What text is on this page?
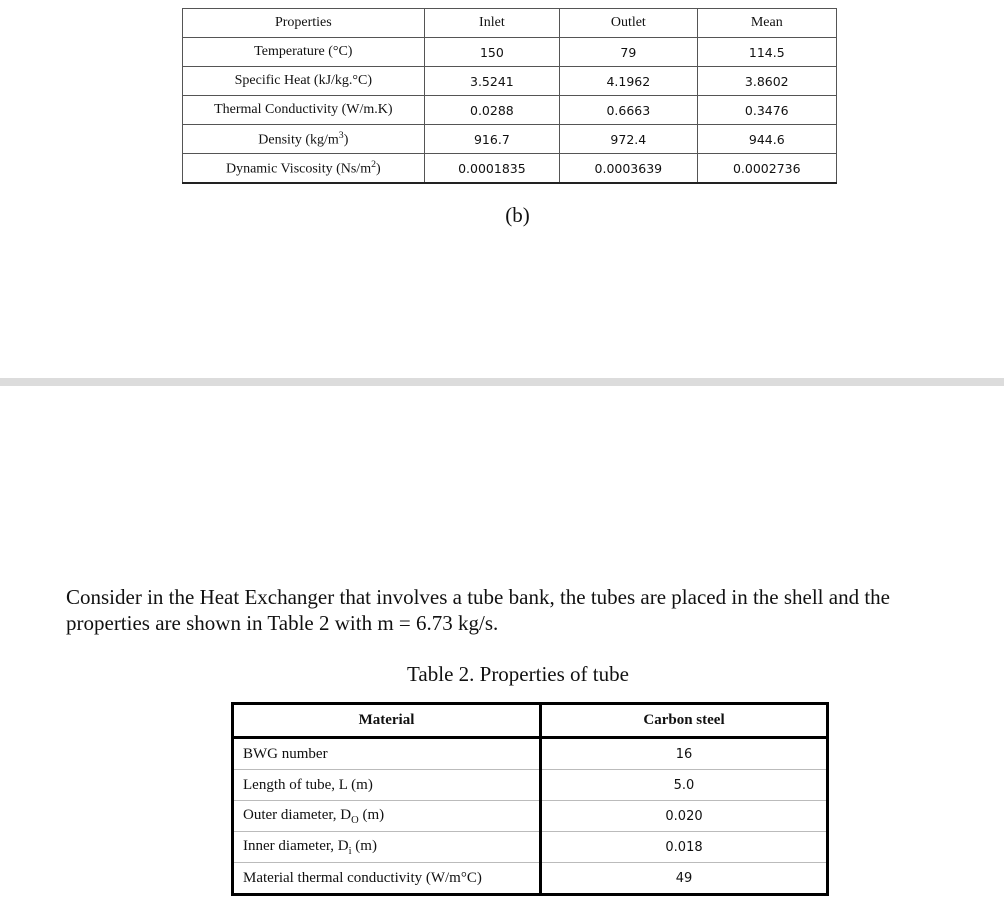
Properties	Inlet	Outlet	Mean
Temperature (°C)	150	79	114.5
Specific Heat (kJ/kg.°C)	3.5241	4.1962	3.8602
Thermal Conductivity (W/m.K)	0.0288	0.6663	0.3476
Density $(kg/m^3)$	916.7	972.4	944.6
Dynamic Viscosity $(Ns/m^2)$	0.0001835	0.0003639	0.0002736
(b)

Consider in the Heat Exchanger that involves a tube bank, the tubes are placed in the shell and the properties are shown in Table 2 with m = 6.73 kg/s.

Table 2. Properties of tube
Material	Carbon steel
BWG number	16
Length of tube, L (m)	5.0
Outer diameter, $D_O$ (m)	0.020
Inner diameter, $D_i$ (m)	0.018
Material thermal conductivity (W/m°C)	49
